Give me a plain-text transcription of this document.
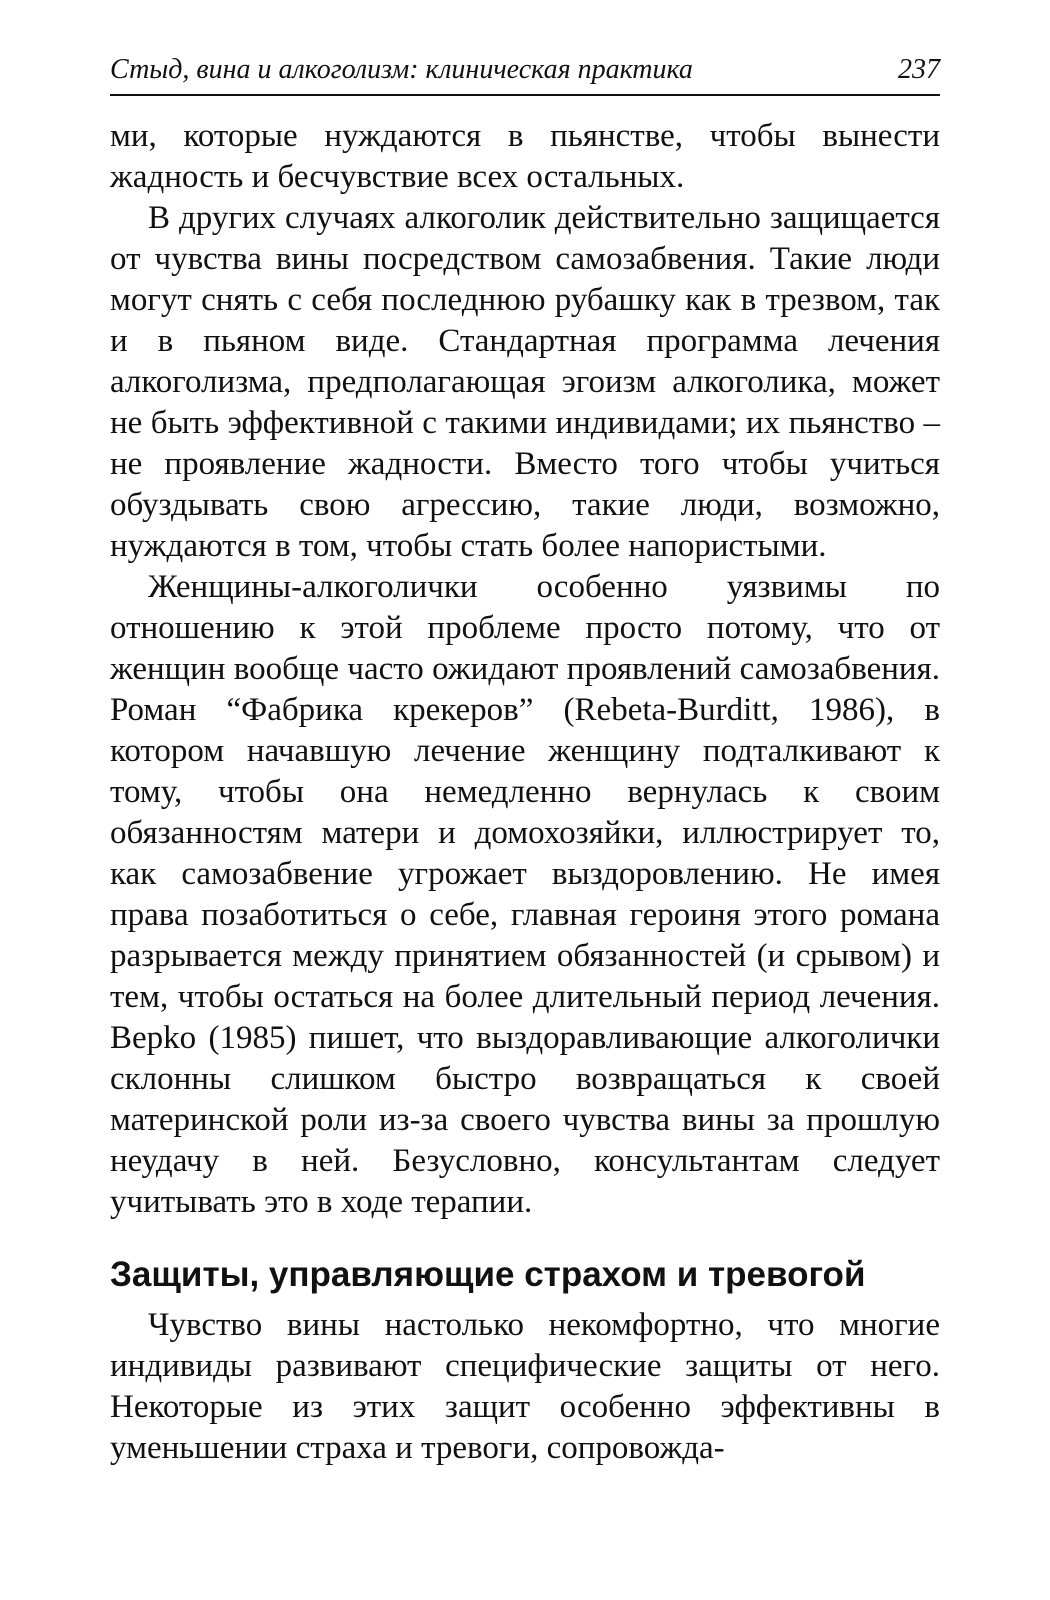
Стыд, вина и алкоголизм: клиническая практика	237

ми, которые нуждаются в пьянстве, чтобы вынести жадность и бесчувствие всех остальных.

В других случаях алкоголик действительно защищается от чувства вины посредством самозабвения. Такие люди могут снять с себя последнюю рубашку как в трезвом, так и в пьяном виде. Стандартная программа лечения алкоголизма, предполагающая эгоизм алкоголика, может не быть эффективной с такими индивидами; их пьянство – не проявление жадности. Вместо того чтобы учиться обуздывать свою агрессию, такие люди, возможно, нуждаются в том, чтобы стать более напористыми.

Женщины-алкоголички особенно уязвимы по отношению к этой проблеме просто потому, что от женщин вообще часто ожидают проявлений самозабвения. Роман “Фабрика крекеров” (Rebeta-Burditt, 1986), в котором начавшую лечение женщину подталкивают к тому, чтобы она немедленно вернулась к своим обязанностям матери и домохозяйки, иллюстрирует то, как самозабвение угрожает выздоровлению. Не имея права позаботиться о себе, главная героиня этого романа разрывается между принятием обязанностей (и срывом) и тем, чтобы остаться на более длительный период лечения. Bepko (1985) пишет, что выздоравливающие алкоголички склонны слишком быстро возвращаться к своей материнской роли из-за своего чувства вины за прошлую неудачу в ней. Безусловно, консультантам следует учитывать это в ходе терапии.

Защиты, управляющие страхом и тревогой

Чувство вины настолько некомфортно, что многие индивиды развивают специфические защиты от него. Некоторые из этих защит особенно эффективны в уменьшении страха и тревоги, сопровожда-
